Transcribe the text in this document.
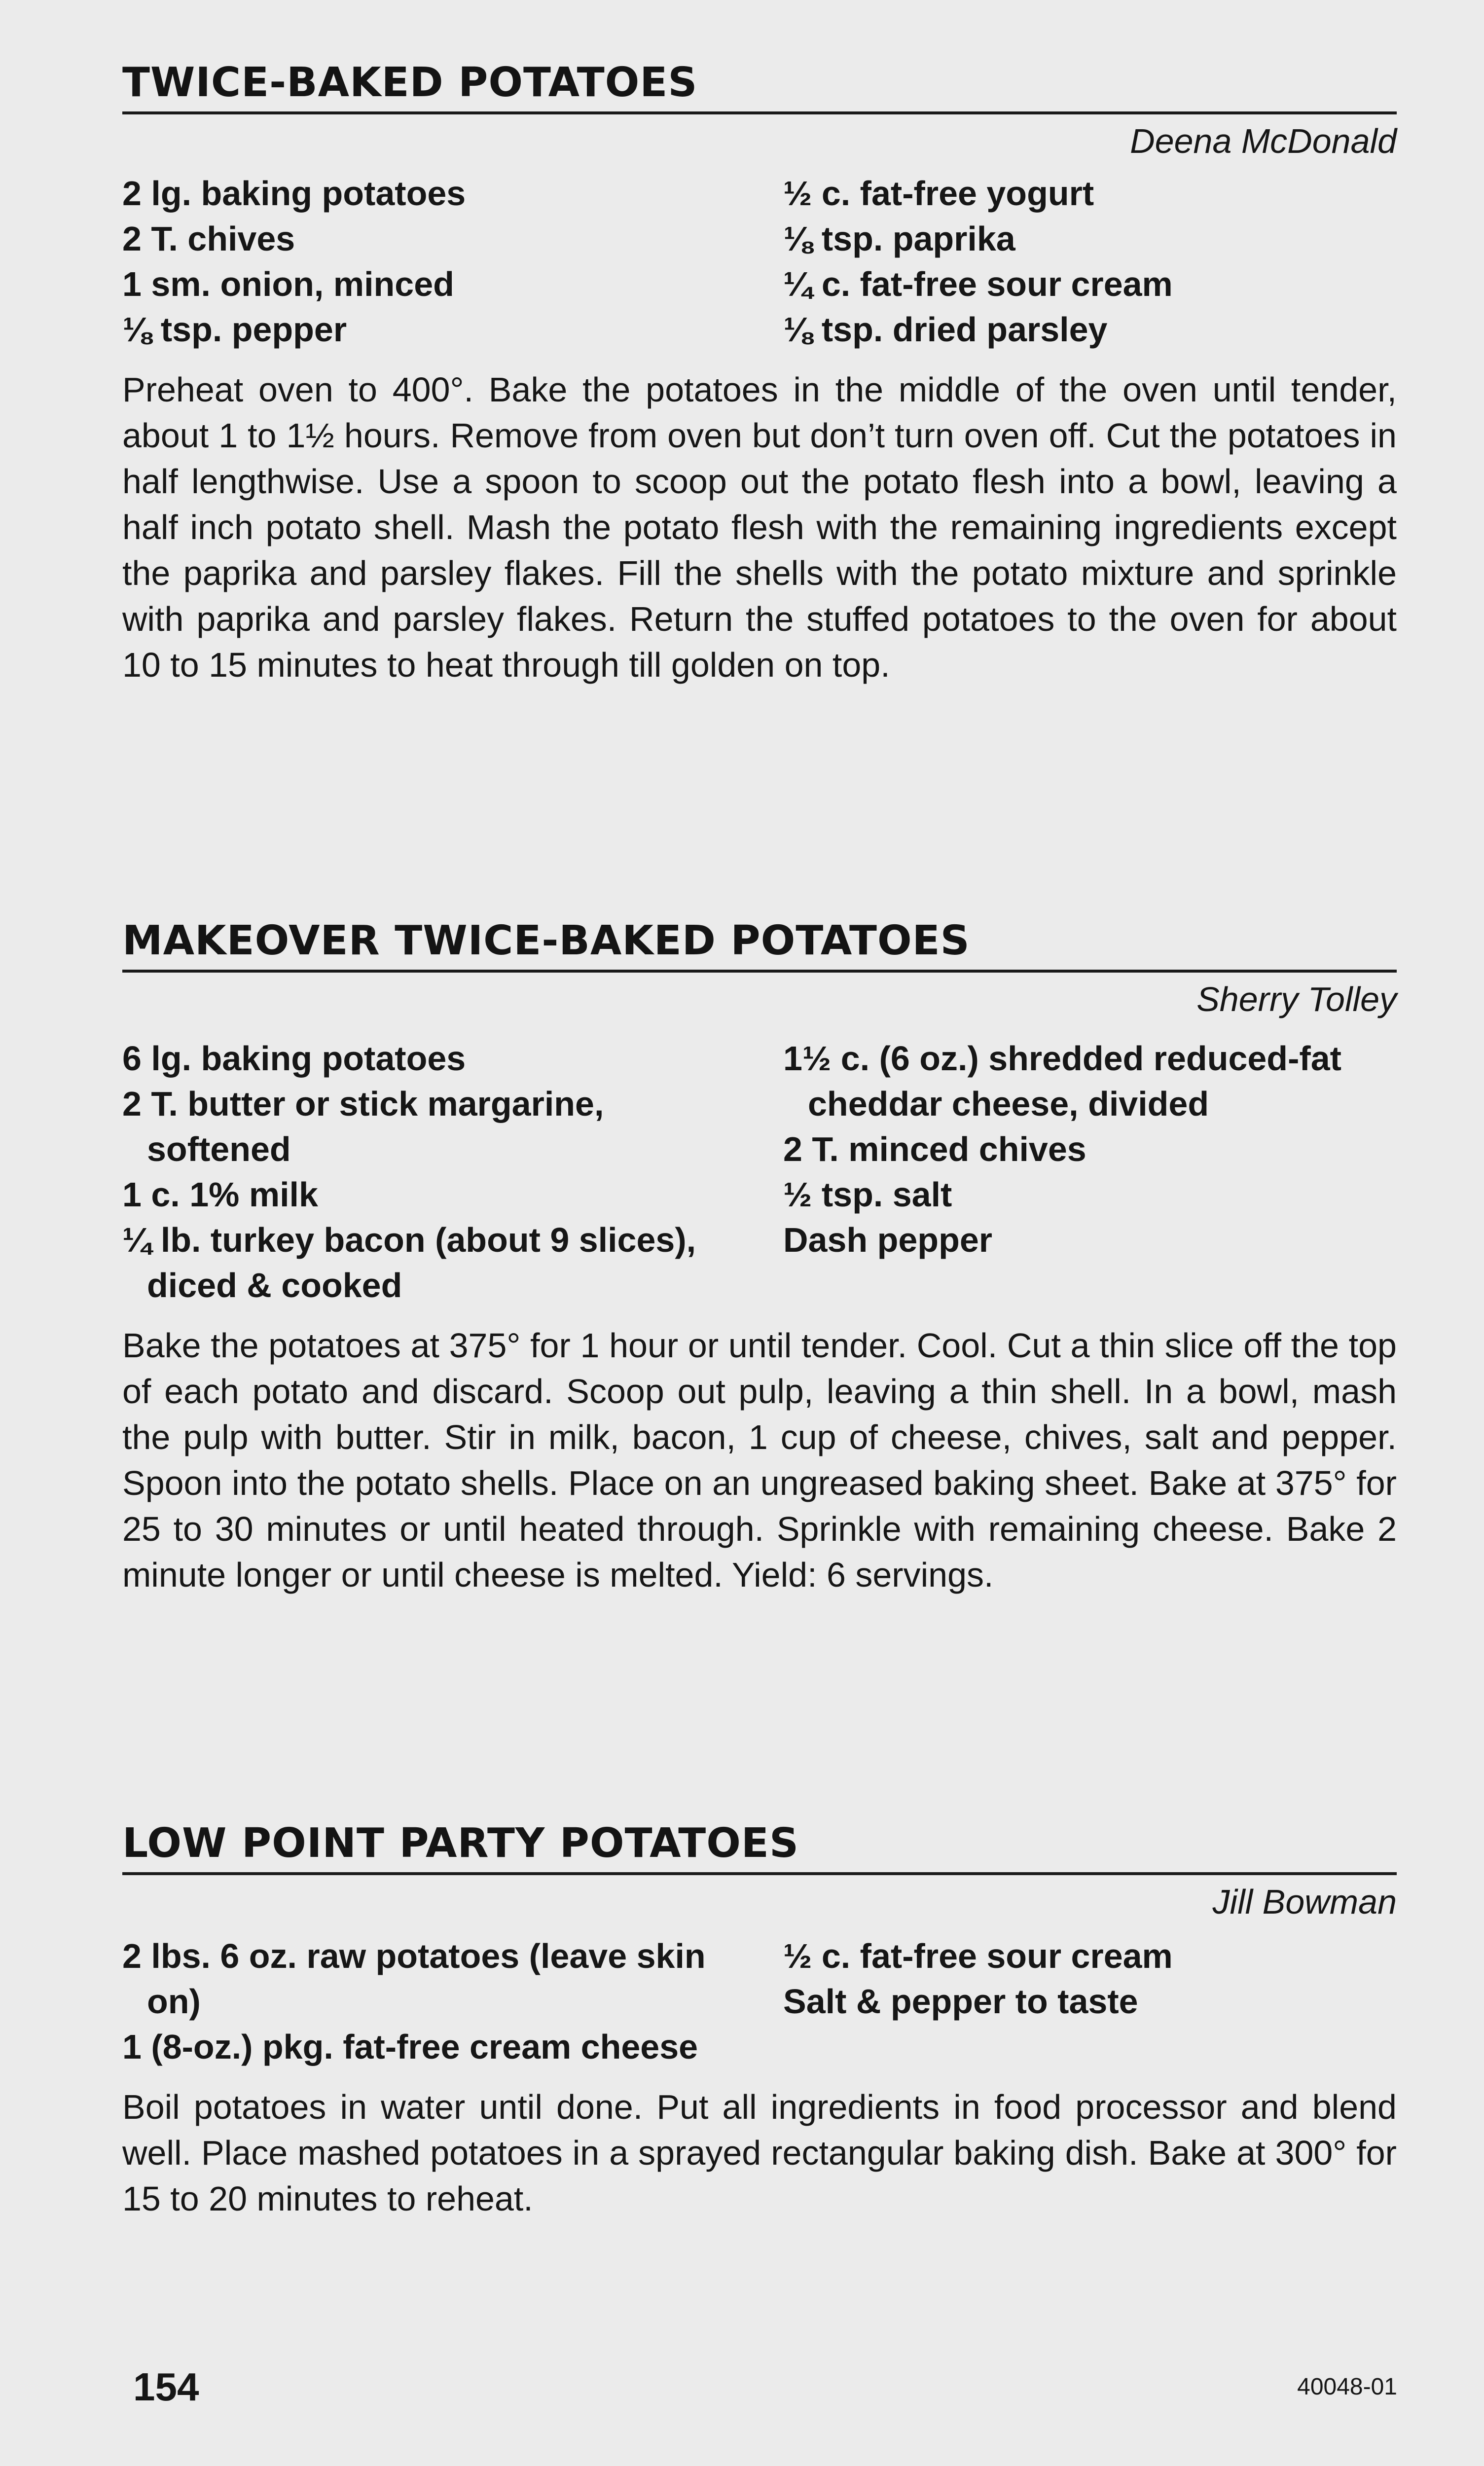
TWICE-BAKED POTATOES
Deena McDonald
2 lg. baking potatoes
2 T. chives
1 sm. onion, minced
⅛ tsp. pepper
½ c. fat-free yogurt
⅛ tsp. paprika
¼ c. fat-free sour cream
⅛ tsp. dried parsley
Preheat oven to 400°. Bake the potatoes in the middle of the oven until tender, about 1 to 1½ hours. Remove from oven but don’t turn oven off. Cut the potatoes in half lengthwise. Use a spoon to scoop out the potato flesh into a bowl, leaving a half inch potato shell. Mash the potato flesh with the remaining ingredients except the paprika and parsley flakes. Fill the shells with the potato mixture and sprinkle with paprika and parsley flakes. Return the stuffed potatoes to the oven for about 10 to 15 minutes to heat through till golden on top.
MAKEOVER TWICE-BAKED POTATOES
Sherry Tolley
6 lg. baking potatoes
2 T. butter or stick margarine, softened
1 c. 1% milk
¼ lb. turkey bacon (about 9 slices), diced & cooked
1½ c. (6 oz.) shredded reduced-fat cheddar cheese, divided
2 T. minced chives
½ tsp. salt
Dash pepper
Bake the potatoes at 375° for 1 hour or until tender. Cool. Cut a thin slice off the top of each potato and discard. Scoop out pulp, leaving a thin shell. In a bowl, mash the pulp with butter. Stir in milk, bacon, 1 cup of cheese, chives, salt and pepper. Spoon into the potato shells. Place on an ungreased baking sheet. Bake at 375° for 25 to 30 minutes or until heated through. Sprinkle with remaining cheese. Bake 2 minute longer or until cheese is melted. Yield: 6 servings.
LOW POINT PARTY POTATOES
Jill Bowman
2 lbs. 6 oz. raw potatoes (leave skin on)
1 (8-oz.) pkg. fat-free cream cheese
½ c. fat-free sour cream
Salt & pepper to taste
Boil potatoes in water until done. Put all ingredients in food processor and blend well. Place mashed potatoes in a sprayed rectangular baking dish. Bake at 300° for 15 to 20 minutes to reheat.
154	40048-01
